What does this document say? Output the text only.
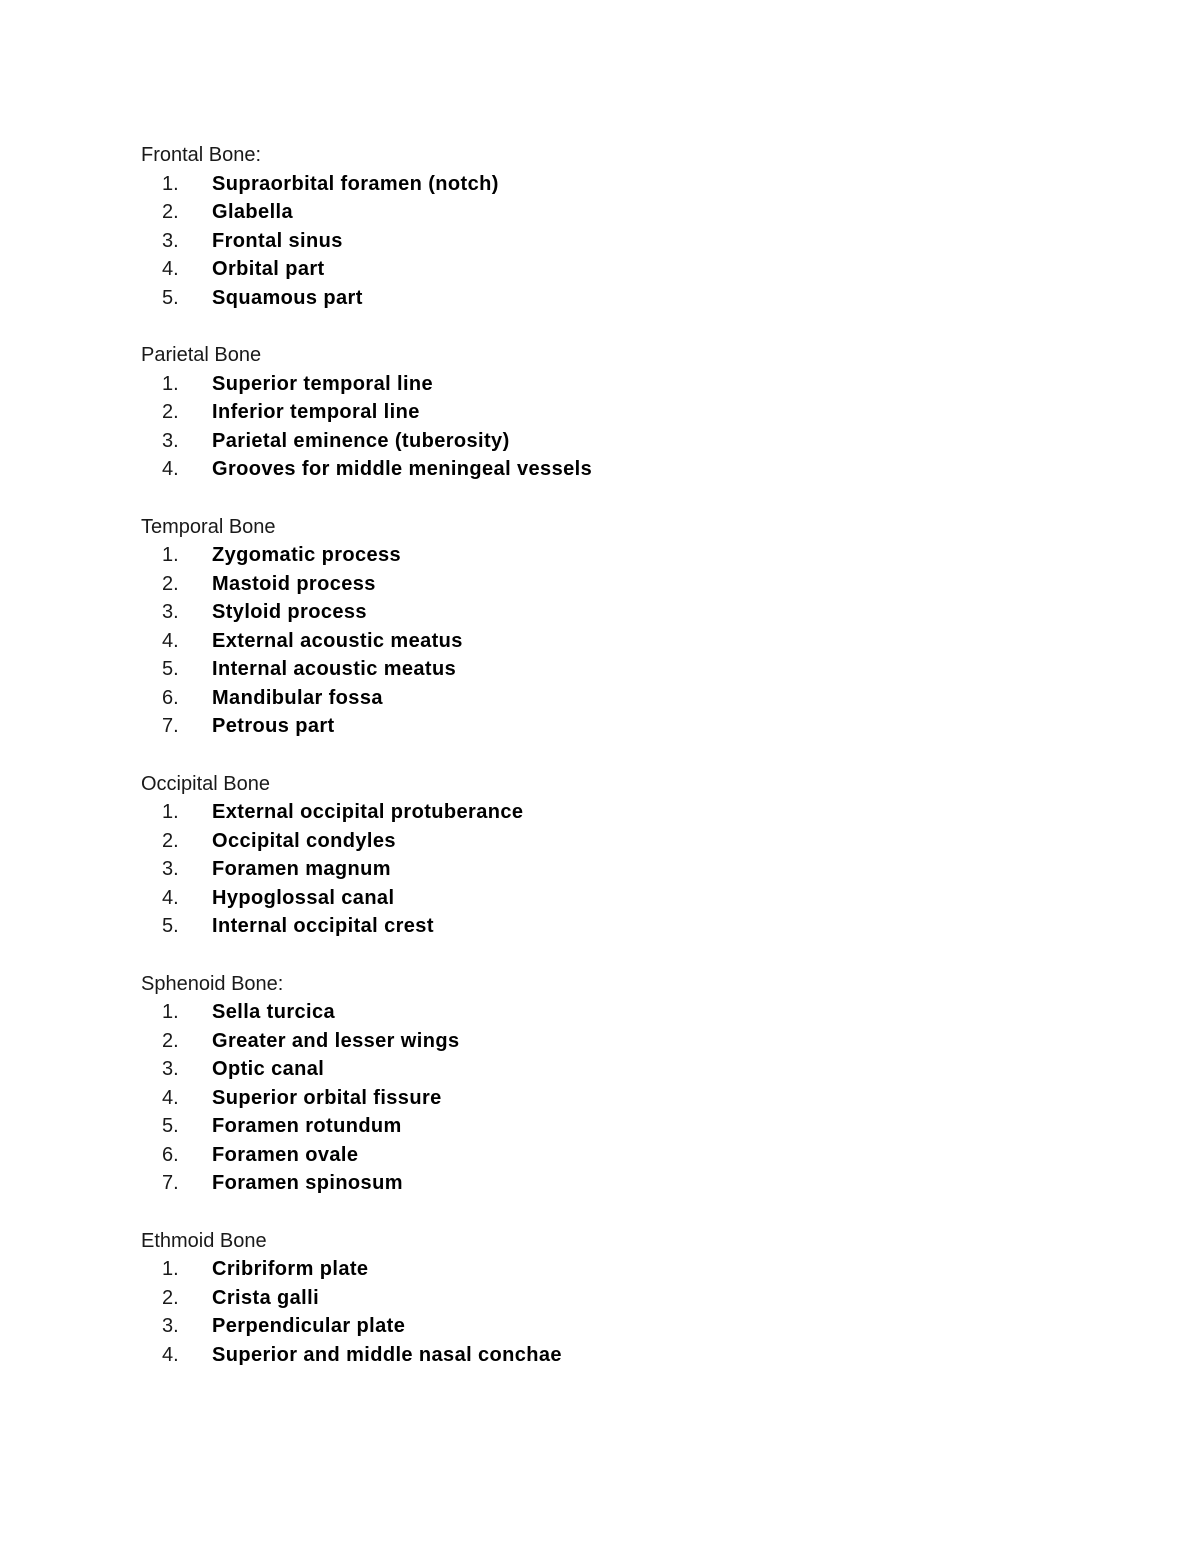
Frontal Bone:
1.	Supraorbital foramen (notch)
2.	Glabella
3.	Frontal sinus
4.	Orbital part
5.	Squamous part
Parietal Bone
1.	Superior temporal line
2.	Inferior temporal line
3.	Parietal eminence (tuberosity)
4.	Grooves for middle meningeal vessels
Temporal Bone
1.	Zygomatic process
2.	Mastoid process
3.	Styloid process
4.	External acoustic meatus
5.	Internal acoustic meatus
6.	Mandibular fossa
7.	Petrous part
Occipital Bone
1.	External occipital protuberance
2.	Occipital condyles
3.	Foramen magnum
4.	Hypoglossal canal
5.	Internal occipital crest
Sphenoid Bone:
1.	Sella turcica
2.	Greater and lesser wings
3.	Optic canal
4.	Superior orbital fissure
5.	Foramen rotundum
6.	Foramen ovale
7.	Foramen spinosum
Ethmoid Bone
1.	Cribriform plate
2.	Crista galli
3.	Perpendicular plate
4.	Superior and middle nasal conchae
